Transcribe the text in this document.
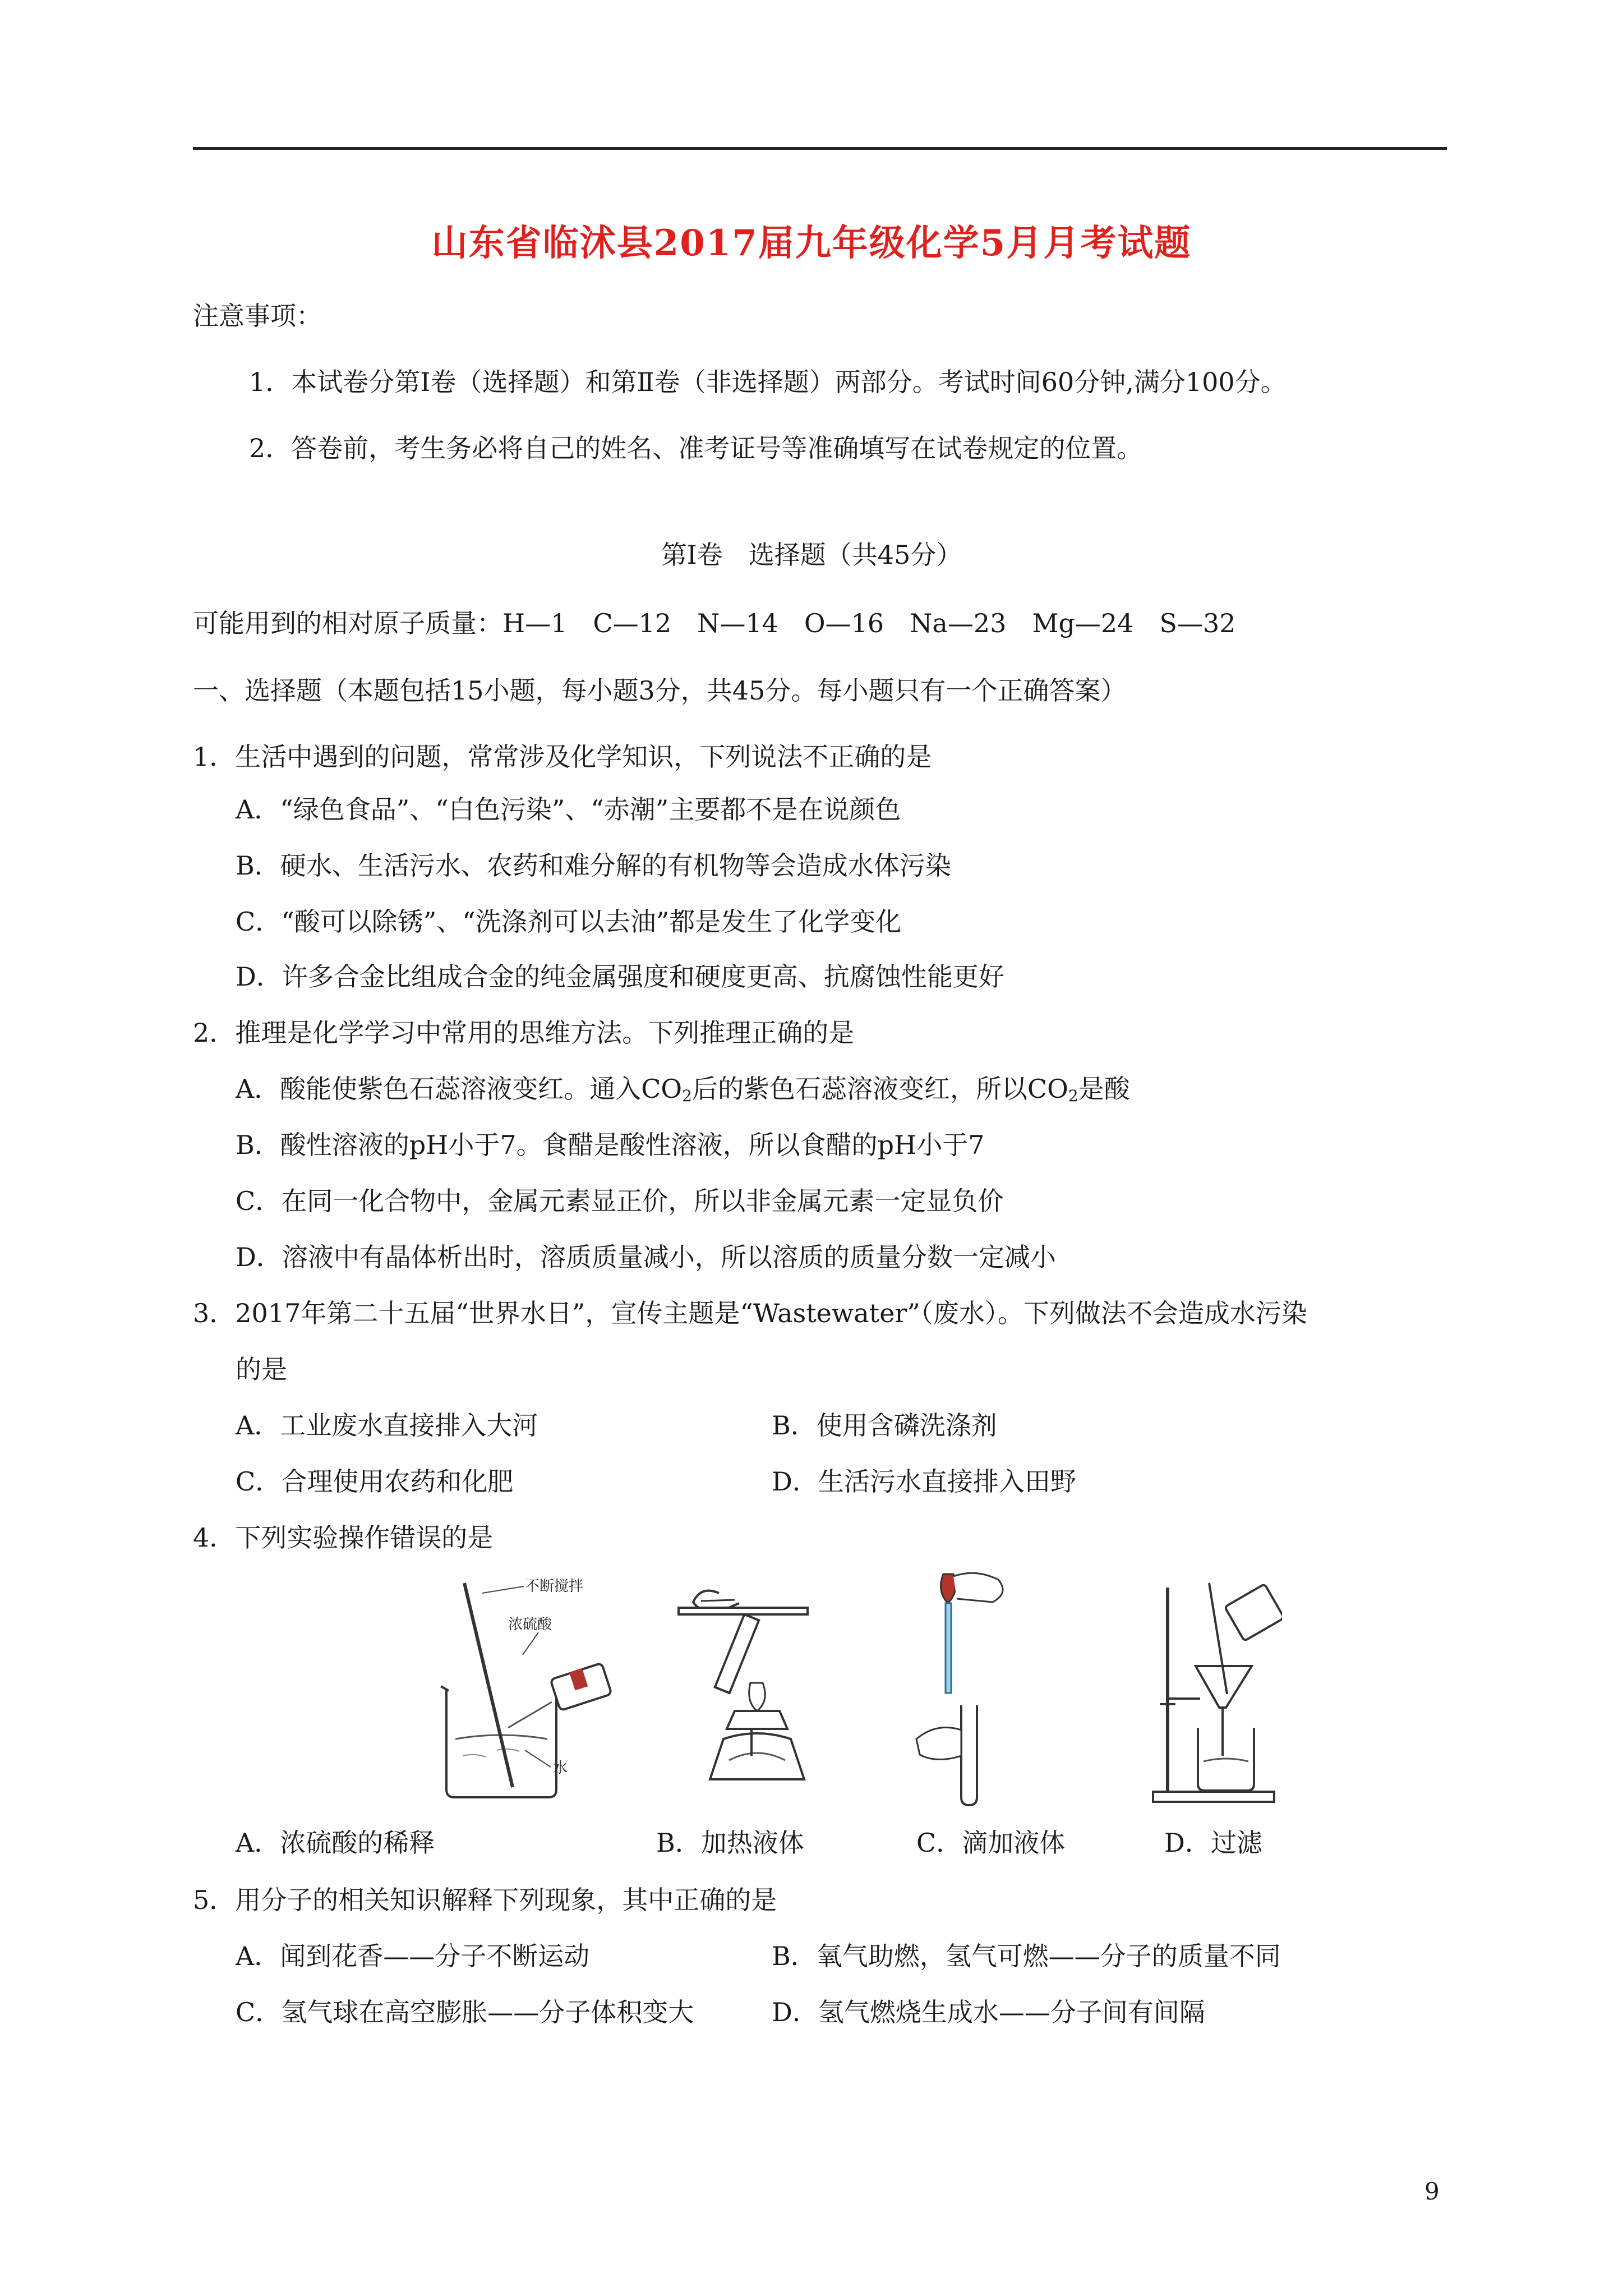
山东省临沭县2017届九年级化学5月月考试题
注意事项：
1．本试卷分第Ⅰ卷（选择题）和第Ⅱ卷（非选择题）两部分。考试时间60分钟,满分100分。
2．答卷前，考生务必将自己的姓名、准考证号等准确填写在试卷规定的位置。
第Ⅰ卷　选择题（共45分）
可能用到的相对原子质量：H—1　C—12　N—14　O—16　Na—23　Mg—24　S—32
一、选择题（本题包括15小题，每小题3分，共45分。每小题只有一个正确答案）
1．生活中遇到的问题，常常涉及化学知识，下列说法不正确的是
A．“绿色食品”、“白色污染”、“赤潮”主要都不是在说颜色
B．硬水、生活污水、农药和难分解的有机物等会造成水体污染
C．“酸可以除锈”、“洗涤剂可以去油”都是发生了化学变化
D．许多合金比组成合金的纯金属强度和硬度更高、抗腐蚀性能更好
2．推理是化学学习中常用的思维方法。下列推理正确的是
A．酸能使紫色石蕊溶液变红。通入$CO_2$后的紫色石蕊溶液变红，所以$CO_2$是酸
B．酸性溶液的pH小于7。食醋是酸性溶液，所以食醋的pH小于7
C．在同一化合物中，金属元素显正价，所以非金属元素一定显负价
D．溶液中有晶体析出时，溶质质量减小，所以溶质的质量分数一定减小
3．2017年第二十五届“世界水日”，宣传主题是“Wastewater”（废水）。下列做法不会造成水污染
的是
A．工业废水直接排入大河	B．使用含磷洗涤剂
C．合理使用农药和化肥	D．生活污水直接排入田野
4．下列实验操作错误的是
不断搅拌
浓硫酸
水
A．浓硫酸的稀释	B．加热液体	C．滴加液体	D．过滤
5．用分子的相关知识解释下列现象，其中正确的是
A．闻到花香——分子不断运动	B．氧气助燃，氢气可燃——分子的质量不同
C．氢气球在高空膨胀——分子体积变大	D．氢气燃烧生成水——分子间有间隔
9
